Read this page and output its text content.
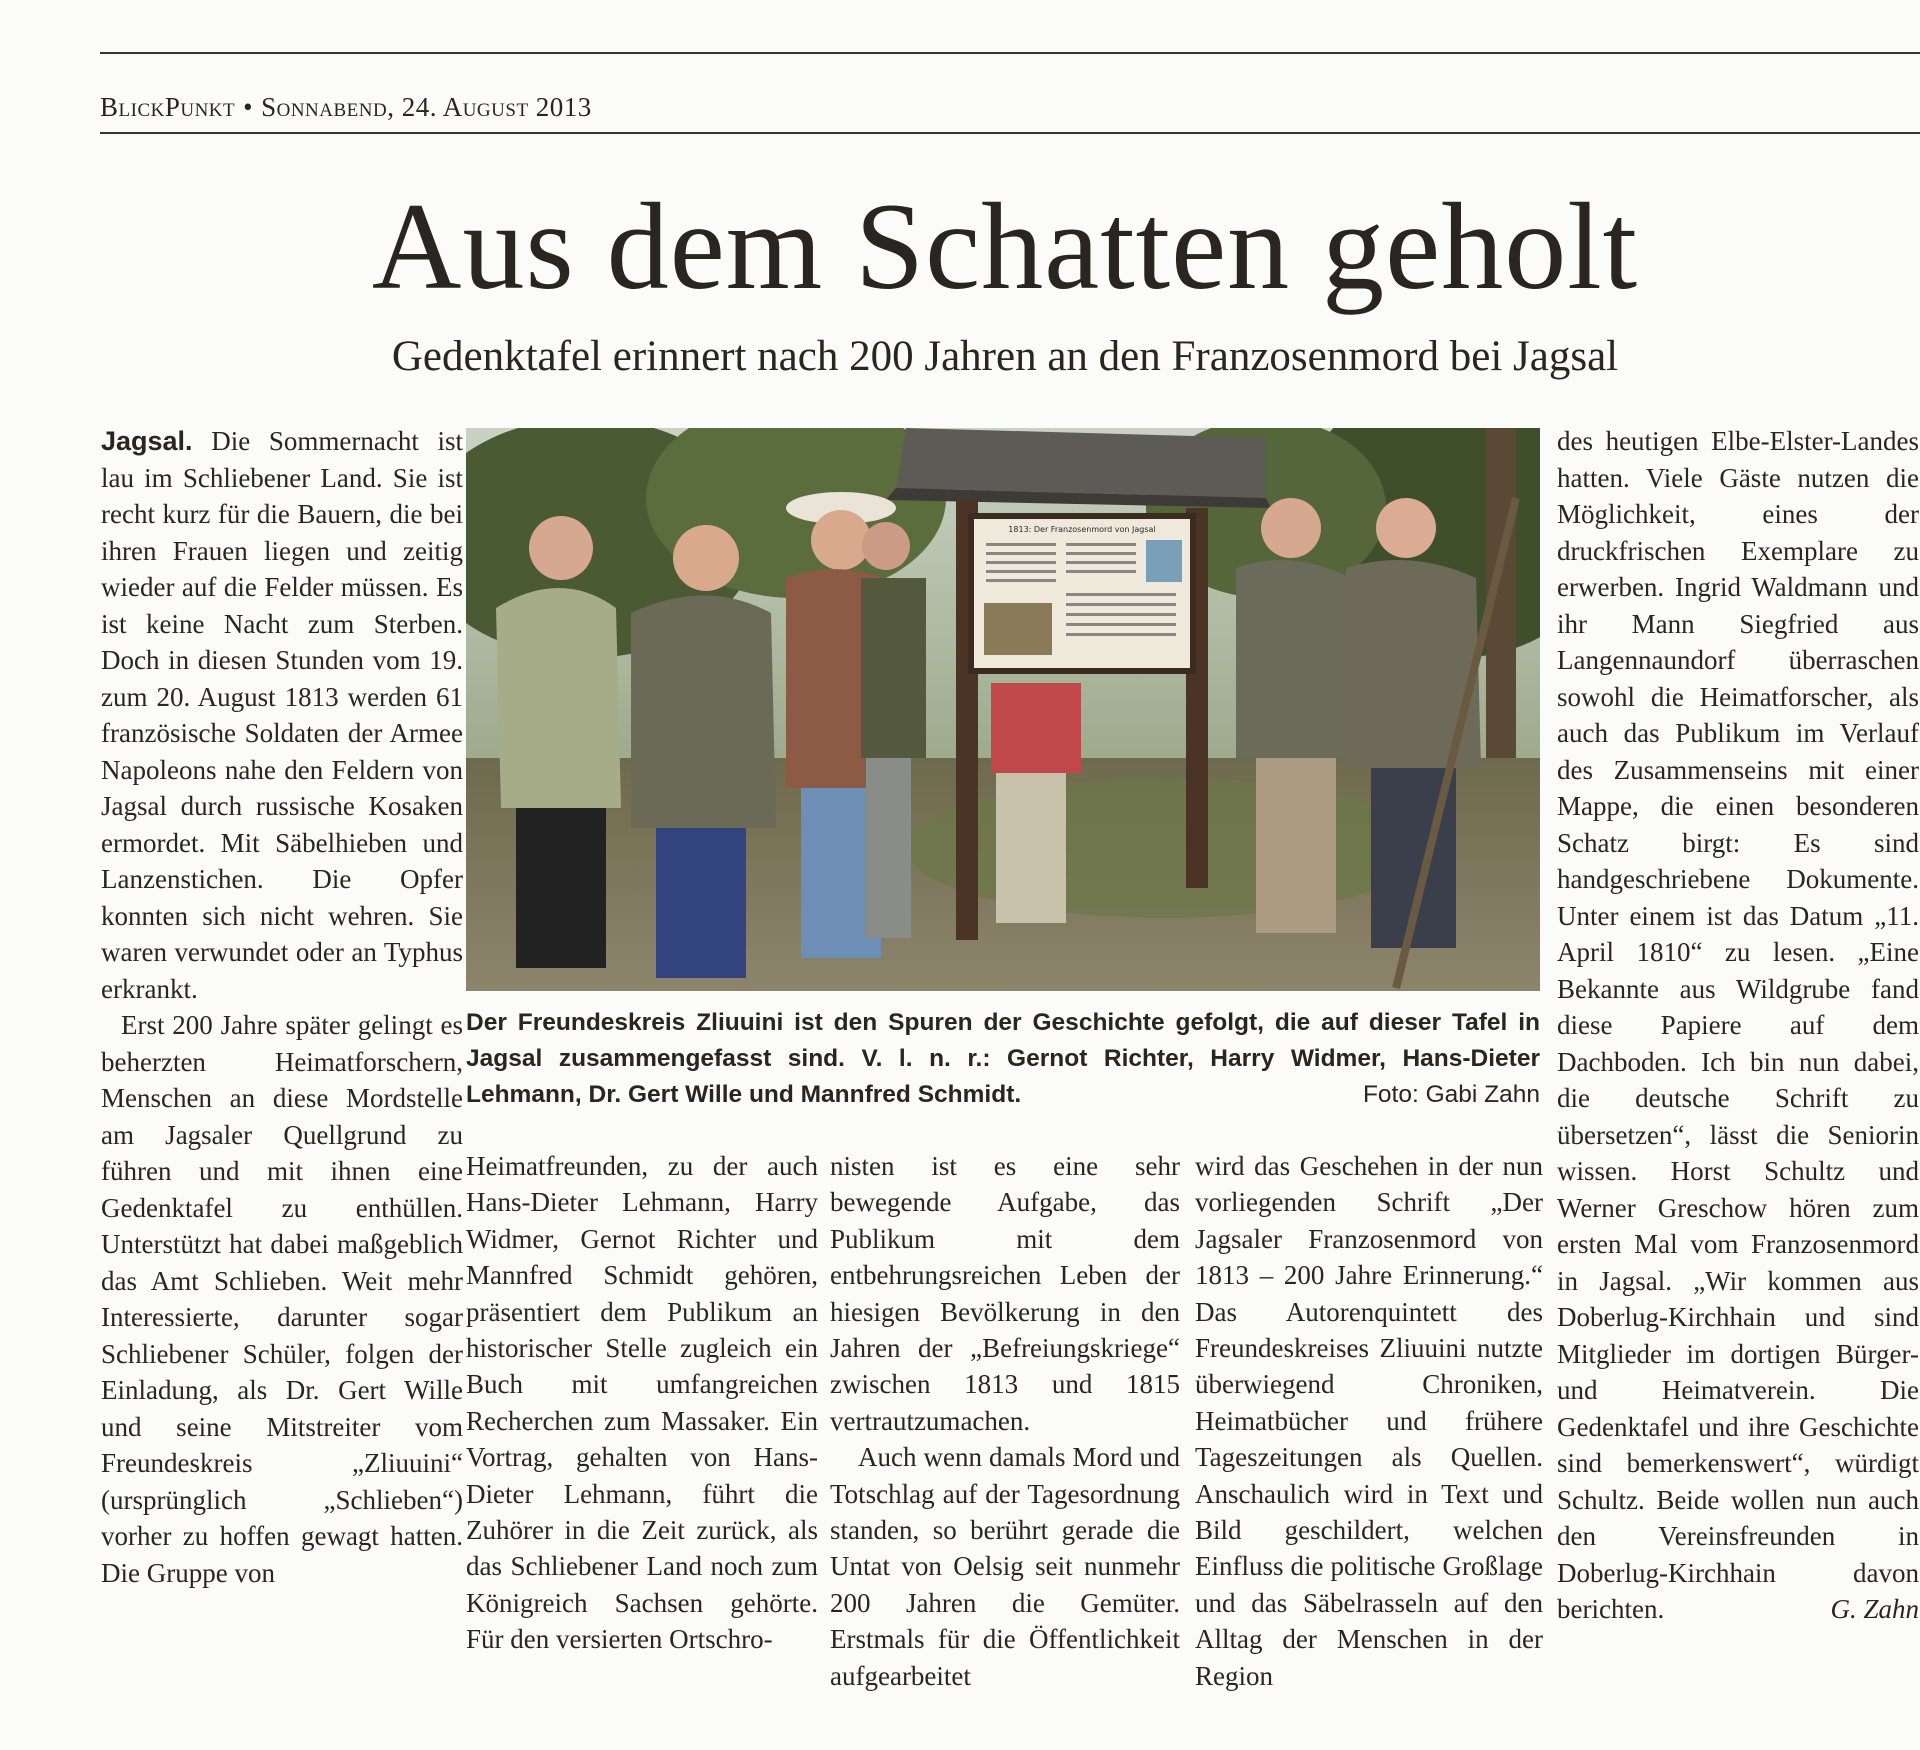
BlickPunkt • Sonnabend, 24. August 2013
Aus dem Schatten geholt
Gedenktafel erinnert nach 200 Jahren an den Franzosenmord bei Jagsal

Jagsal. Die Sommernacht ist lau im Schliebener Land. Sie ist recht kurz für die Bauern, die bei ihren Frauen liegen und zeitig wieder auf die Felder müssen. Es ist keine Nacht zum Sterben. Doch in diesen Stunden vom 19. zum 20. August 1813 werden 61 französische Soldaten der Armee Napoleons nahe den Feldern von Jagsal durch russische Kosaken ermordet. Mit Säbelhieben und Lanzenstichen. Die Opfer konnten sich nicht wehren. Sie waren verwundet oder an Typhus erkrankt.

Erst 200 Jahre später gelingt es beherzten Heimatforschern, Menschen an diese Mordstelle am Jagsaler Quellgrund zu führen und mit ihnen eine Gedenktafel zu enthüllen. Unterstützt hat dabei maßgeblich das Amt Schlieben. Weit mehr Interessierte, darunter sogar Schliebener Schüler, folgen der Einladung, als Dr. Gert Wille und seine Mitstreiter vom Freundeskreis „Zliuuini“ (ursprünglich „Schlieben“) vorher zu hoffen gewagt hatten. Die Gruppe von

1813: Der Franzosenmord von Jagsal
Der Freundeskreis Zliuuini ist den Spuren der Geschichte gefolgt, die auf dieser Tafel in Jagsal zusammengefasst sind. V. l. n. r.: Gernot Richter, Harry Widmer, Hans-Dieter Lehmann, Dr. Gert Wille und Mannfred Schmidt.	Foto: Gabi Zahn

Heimatfreunden, zu der auch Hans-Dieter Lehmann, Harry Widmer, Gernot Richter und Mannfred Schmidt gehören, präsentiert dem Publikum an historischer Stelle zugleich ein Buch mit umfangreichen Recherchen zum Massaker. Ein Vortrag, gehalten von Hans-Dieter Lehmann, führt die Zuhörer in die Zeit zurück, als das Schliebener Land noch zum Königreich Sachsen gehörte. Für den versierten Ortschro-

nisten ist es eine sehr bewegende Aufgabe, das Publikum mit dem entbehrungsreichen Leben der hiesigen Bevölkerung in den Jahren der „Befreiungskriege“ zwischen 1813 und 1815 vertrautzumachen.

Auch wenn damals Mord und Totschlag auf der Tagesordnung standen, so berührt gerade die Untat von Oelsig seit nunmehr 200 Jahren die Gemüter. Erstmals für die Öffentlichkeit aufgearbeitet

wird das Geschehen in der nun vorliegenden Schrift „Der Jagsaler Franzosenmord von 1813 – 200 Jahre Erinnerung.“ Das Autorenquintett des Freundeskreises Zliuuini nutzte überwiegend Chroniken, Heimatbücher und frühere Tageszeitungen als Quellen. Anschaulich wird in Text und Bild geschildert, welchen Einfluss die politische Großlage und das Säbelrasseln auf den Alltag der Menschen in der Region

des heutigen Elbe-Elster-Landes hatten. Viele Gäste nutzen die Möglichkeit, eines der druckfrischen Exemplare zu erwerben. Ingrid Waldmann und ihr Mann Siegfried aus Langennaundorf überraschen sowohl die Heimatforscher, als auch das Publikum im Verlauf des Zusammenseins mit einer Mappe, die einen besonderen Schatz birgt: Es sind handgeschriebene Dokumente. Unter einem ist das Datum „11. April 1810“ zu lesen. „Eine Bekannte aus Wildgrube fand diese Papiere auf dem Dachboden. Ich bin nun dabei, die deutsche Schrift zu übersetzen“, lässt die Seniorin wissen. Horst Schultz und Werner Greschow hören zum ersten Mal vom Franzosenmord in Jagsal. „Wir kommen aus Doberlug-Kirchhain und sind Mitglieder im dortigen Bürger- und Heimatverein. Die Gedenktafel und ihre Geschichte sind bemerkenswert“, würdigt Schultz. Beide wollen nun auch den Vereinsfreunden in Doberlug-Kirchhain davon berichten.	G. Zahn
